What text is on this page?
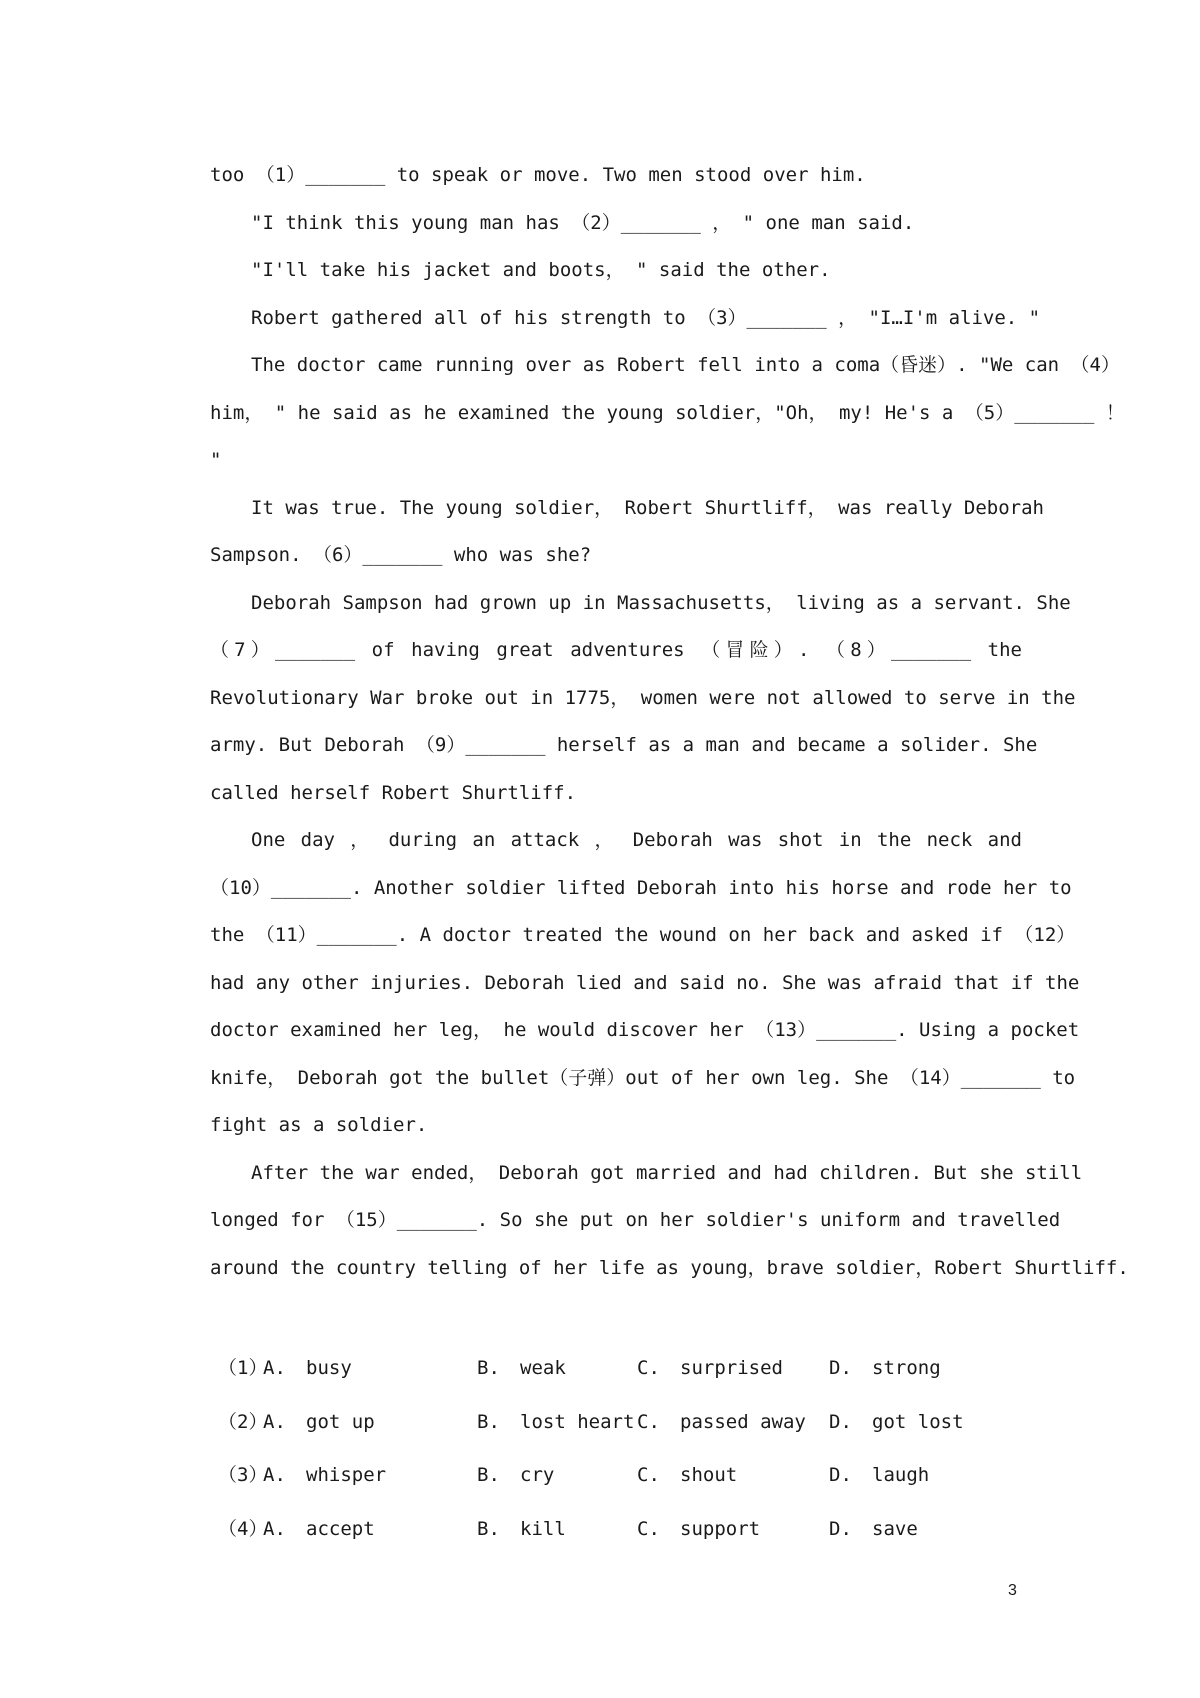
too （1）_______ to speak or move. Two men stood over him.
"I think this young man has （2）_______ ， " one man said.
"I'll take his jacket and boots， " said the other.
Robert gathered all of his strength to （3）_______ ， "I…I'm alive. "
The doctor came running over as Robert fell into a coma（昏迷）. "We can （4）
him， " he said as he examined the young soldier，"Oh， my! He's a （5）_______ ！
"
It was true. The young soldier， Robert Shurtliff， was really Deborah
Sampson. （6）_______ who was she?
Deborah Sampson had grown up in Massachusetts， living as a servant. She
（7）_______ of having great adventures （冒险）. （8）_______ the
Revolutionary War broke out in 1775， women were not allowed to serve in the
army. But Deborah （9）_______ herself as a man and became a solider. She
called herself Robert Shurtliff.
One day ， during an attack ， Deborah was shot in the neck and
（10）_______. Another soldier lifted Deborah into his horse and rode her to
the （11）_______. A doctor treated the wound on her back and asked if （12）
had any other injuries. Deborah lied and said no. She was afraid that if the
doctor examined her leg， he would discover her （13）_______. Using a pocket
knife， Deborah got the bullet（子弹）out of her own leg. She （14）_______ to
fight as a soldier.
After the war ended， Deborah got married and had children. But she still
longed for （15）_______. So she put on her soldier's uniform and travelled
around the country telling of her life as young，brave soldier，Robert Shurtliff.
（1）
A. busy	B. weak	C. surprised D. strong
（2）
A. got up	B. lost heart C. passed away D. got lost
（3）
A. whisper	B. cry	C. shout	D. laugh
（4）
A. accept	B. kill	C. support	D. save
3
